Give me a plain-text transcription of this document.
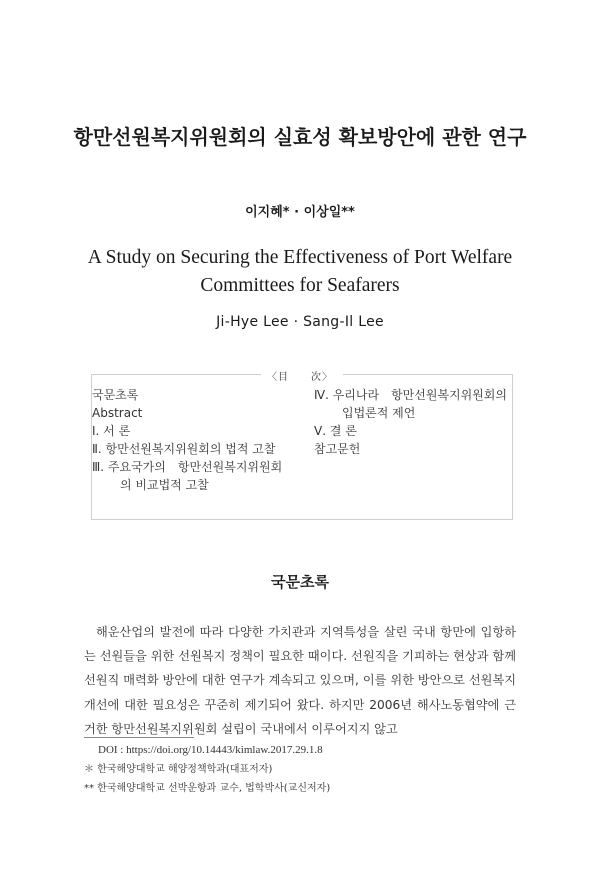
항만선원복지위원회의 실효성 확보방안에 관한 연구
이지혜* · 이상일**
A Study on Securing the Effectiveness of Port Welfare Committees for Seafarers
Ji-Hye Lee · Sang-Il Lee
〈目　　次〉
국문초록
Abstract
Ⅰ. 서 론
Ⅱ. 항만선원복지위원회의 법적 고찰
Ⅲ. 주요국가의　항만선원복지위원회
의 비교법적 고찰
Ⅳ. 우리나라　항만선원복지위원회의
입법론적 제언
Ⅴ. 결 론
참고문헌
국문초록

해운산업의 발전에 따라 다양한 가치관과 지역특성을 살린 국내 항만에 입항하는 선원들을 위한 선원복지 정책이 필요한 때이다. 선원직을 기피하는 현상과 함께 선원직 매력화 방안에 대한 연구가 계속되고 있으며, 이를 위한 방안으로 선원복지 개선에 대한 필요성은 꾸준히 제기되어 왔다. 하지만 2006년 해사노동협약에 근거한 항만선원복지위원회 설립이 국내에서 이루어지지 않고

DOI : https://doi.org/10.14443/kimlaw.2017.29.1.8
＊ 한국해양대학교 해양정책학과(대표저자)
** 한국해양대학교 선박운항과 교수, 법학박사(교신저자)
